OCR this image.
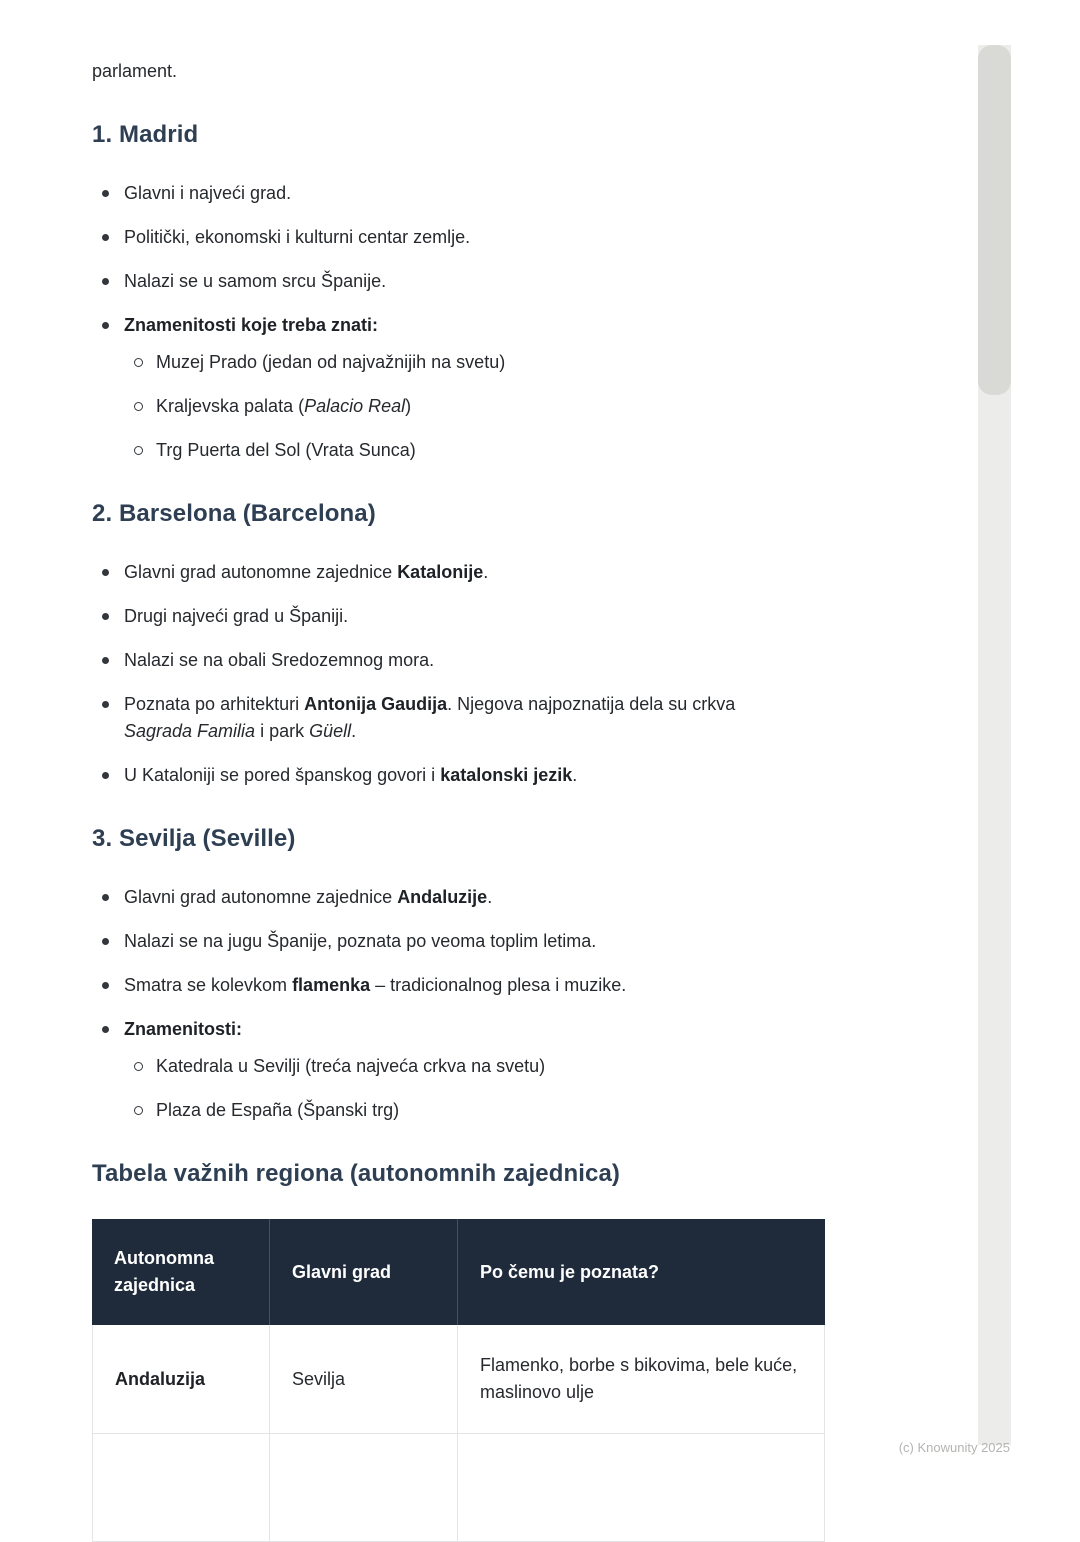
parlament.

1. Madrid
Glavni i najveći grad.
Politički, ekonomski i kulturni centar zemlje.
Nalazi se u samom srcu Španije.
Znamenitosti koje treba znati:
Muzej Prado (jedan od najvažnijih na svetu)
Kraljevska palata (Palacio Real)
Trg Puerta del Sol (Vrata Sunca)
2. Barselona (Barcelona)
Glavni grad autonomne zajednice Katalonije.
Drugi najveći grad u Španiji.
Nalazi se na obali Sredozemnog mora.
Poznata po arhitekturi Antonija Gaudija. Njegova najpoznatija dela su crkva Sagrada Familia i park Güell.
U Kataloniji se pored španskog govori i katalonski jezik.
3. Sevilja (Seville)
Glavni grad autonomne zajednice Andaluzije.
Nalazi se na jugu Španije, poznata po veoma toplim letima.
Smatra se kolevkom flamenka – tradicionalnog plesa i muzike.
Znamenitosti:
Katedrala u Sevilji (treća najveća crkva na svetu)
Plaza de España (Španski trg)
Tabela važnih regiona (autonomnih zajednica)
Autonomna zajednica	Glavni grad	Po čemu je poznata?
Andaluzija	Sevilja	Flamenko, borbe s bikovima, bele kuće, maslinovo ulje

(c) Knowunity 2025
